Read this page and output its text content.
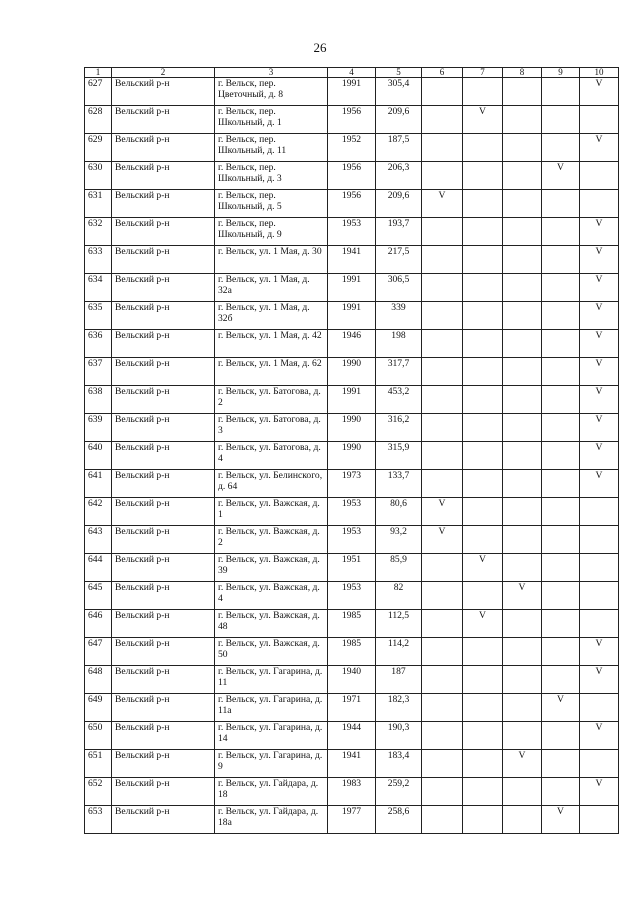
26
1	2	3	4	5	6	7	8	9	10
627	Вельский р-н	г. Вельск, пер. Цветочный, д. 8	1991	305,4					V
628	Вельский р-н	г. Вельск, пер. Школьный, д. 1	1956	209,6		V			
629	Вельский р-н	г. Вельск, пер. Школьный, д. 11	1952	187,5					V
630	Вельский р-н	г. Вельск, пер. Школьный, д. 3	1956	206,3				V	
631	Вельский р-н	г. Вельск, пер. Школьный, д. 5	1956	209,6	V				
632	Вельский р-н	г. Вельск, пер. Школьный, д. 9	1953	193,7					V
633	Вельский р-н	г. Вельск, ул. 1 Мая, д. 30	1941	217,5					V
634	Вельский р-н	г. Вельск, ул. 1 Мая, д. 32а	1991	306,5					V
635	Вельский р-н	г. Вельск, ул. 1 Мая, д. 32б	1991	339					V
636	Вельский р-н	г. Вельск, ул. 1 Мая, д. 42	1946	198					V
637	Вельский р-н	г. Вельск, ул. 1 Мая, д. 62	1990	317,7					V
638	Вельский р-н	г. Вельск, ул. Батогова, д. 2	1991	453,2					V
639	Вельский р-н	г. Вельск, ул. Батогова, д. 3	1990	316,2					V
640	Вельский р-н	г. Вельск, ул. Батогова, д. 4	1990	315,9					V
641	Вельский р-н	г. Вельск, ул. Белинского, д. 64	1973	133,7					V
642	Вельский р-н	г. Вельск, ул. Важская, д. 1	1953	80,6	V				
643	Вельский р-н	г. Вельск, ул. Важская, д. 2	1953	93,2	V				
644	Вельский р-н	г. Вельск, ул. Важская, д. 39	1951	85,9		V			
645	Вельский р-н	г. Вельск, ул. Важская, д. 4	1953	82			V		
646	Вельский р-н	г. Вельск, ул. Важская, д. 48	1985	112,5		V			
647	Вельский р-н	г. Вельск, ул. Важская, д. 50	1985	114,2					V
648	Вельский р-н	г. Вельск, ул. Гагарина, д. 11	1940	187					V
649	Вельский р-н	г. Вельск, ул. Гагарина, д. 11а	1971	182,3				V	
650	Вельский р-н	г. Вельск, ул. Гагарина, д. 14	1944	190,3					V
651	Вельский р-н	г. Вельск, ул. Гагарина, д. 9	1941	183,4			V		
652	Вельский р-н	г. Вельск, ул. Гайдара, д. 18	1983	259,2					V
653	Вельский р-н	г. Вельск, ул. Гайдара, д. 18а	1977	258,6				V	
